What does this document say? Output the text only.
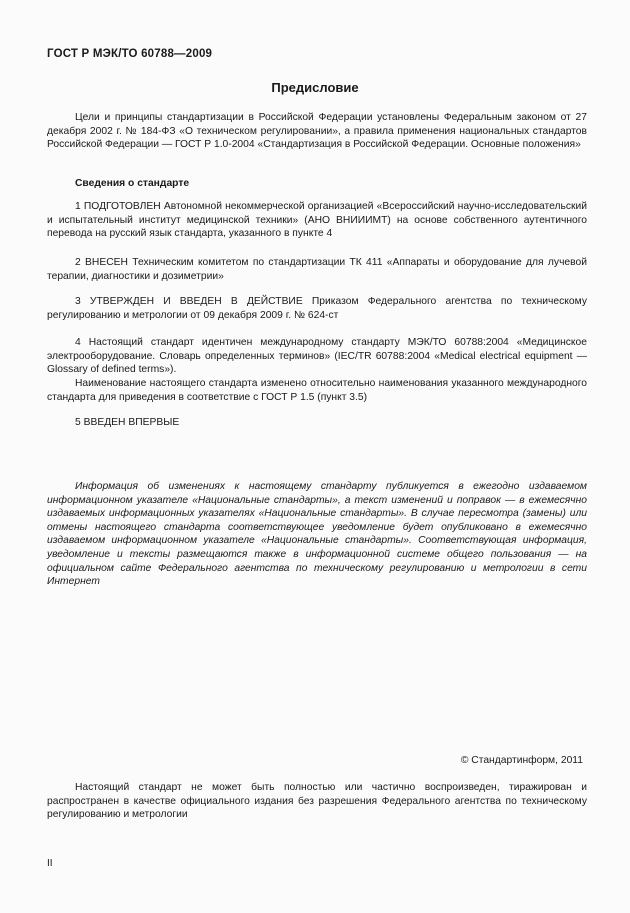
ГОСТ Р МЭК/ТО 60788—2009
Предисловие
Цели и принципы стандартизации в Российской Федерации установлены Федеральным законом от 27 декабря 2002 г. № 184-ФЗ «О техническом регулировании», а правила применения национальных стандартов Российской Федерации — ГОСТ Р 1.0-2004 «Стандартизация в Российской Федерации. Основные положения»
Сведения о стандарте
1 ПОДГОТОВЛЕН Автономной некоммерческой организацией «Всероссийский научно-исследовательский и испытательный институт медицинской техники» (АНО ВНИИИМТ) на основе собственного аутентичного перевода на русский язык стандарта, указанного в пункте 4
2 ВНЕСЕН Техническим комитетом по стандартизации ТК 411 «Аппараты и оборудование для лучевой терапии, диагностики и дозиметрии»
3 УТВЕРЖДЕН И ВВЕДЕН В ДЕЙСТВИЕ Приказом Федерального агентства по техническому регулированию и метрологии от 09 декабря 2009 г. № 624-ст
4 Настоящий стандарт идентичен международному стандарту МЭК/ТО 60788:2004 «Медицинское электрооборудование. Словарь определенных терминов» (IEC/TR 60788:2004 «Medical electrical equipment — Glossary of defined terms»).
Наименование настоящего стандарта изменено относительно наименования указанного международного стандарта для приведения в соответствие с ГОСТ Р 1.5 (пункт 3.5)
5 ВВЕДЕН ВПЕРВЫЕ
Информация об изменениях к настоящему стандарту публикуется в ежегодно издаваемом информационном указателе «Национальные стандарты», а текст изменений и поправок — в ежемесячно издаваемых информационных указателях «Национальные стандарты». В случае пересмотра (замены) или отмены настоящего стандарта соответствующее уведомление будет опубликовано в ежемесячно издаваемом информационном указателе «Национальные стандарты». Соответствующая информация, уведомление и тексты размещаются также в информационной системе общего пользования — на официальном сайте Федерального агентства по техническому регулированию и метрологии в сети Интернет
© Стандартинформ, 2011
Настоящий стандарт не может быть полностью или частично воспроизведен, тиражирован и распространен в качестве официального издания без разрешения Федерального агентства по техническому регулированию и метрологии
II
